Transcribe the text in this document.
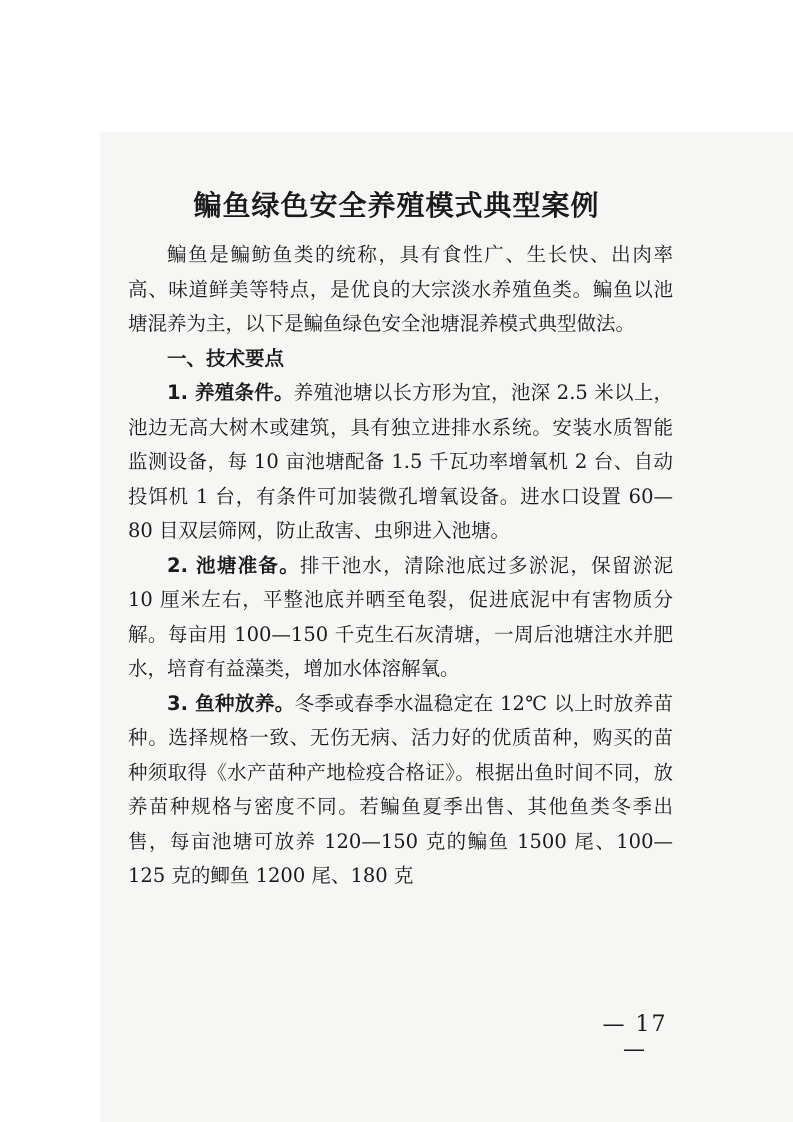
鳊鱼绿色安全养殖模式典型案例

鳊鱼是鳊鲂鱼类的统称，具有食性广、生长快、出肉率高、味道鲜美等特点，是优良的大宗淡水养殖鱼类。鳊鱼以池塘混养为主，以下是鳊鱼绿色安全池塘混养模式典型做法。

一、技术要点

1. 养殖条件。养殖池塘以长方形为宜，池深 2.5 米以上，池边无高大树木或建筑，具有独立进排水系统。安装水质智能监测设备，每 10 亩池塘配备 1.5 千瓦功率增氧机 2 台、自动投饵机 1 台，有条件可加装微孔增氧设备。进水口设置 60—80 目双层筛网，防止敌害、虫卵进入池塘。

2. 池塘准备。排干池水，清除池底过多淤泥，保留淤泥 10 厘米左右，平整池底并晒至龟裂，促进底泥中有害物质分解。每亩用 100—150 千克生石灰清塘，一周后池塘注水并肥水，培育有益藻类，增加水体溶解氧。

3. 鱼种放养。冬季或春季水温稳定在 12℃ 以上时放养苗种。选择规格一致、无伤无病、活力好的优质苗种，购买的苗种须取得《水产苗种产地检疫合格证》。根据出鱼时间不同，放养苗种规格与密度不同。若鳊鱼夏季出售、其他鱼类冬季出售，每亩池塘可放养 120—150 克的鳊鱼 1500 尾、100—125 克的鲫鱼 1200 尾、180 克

— 17 —
